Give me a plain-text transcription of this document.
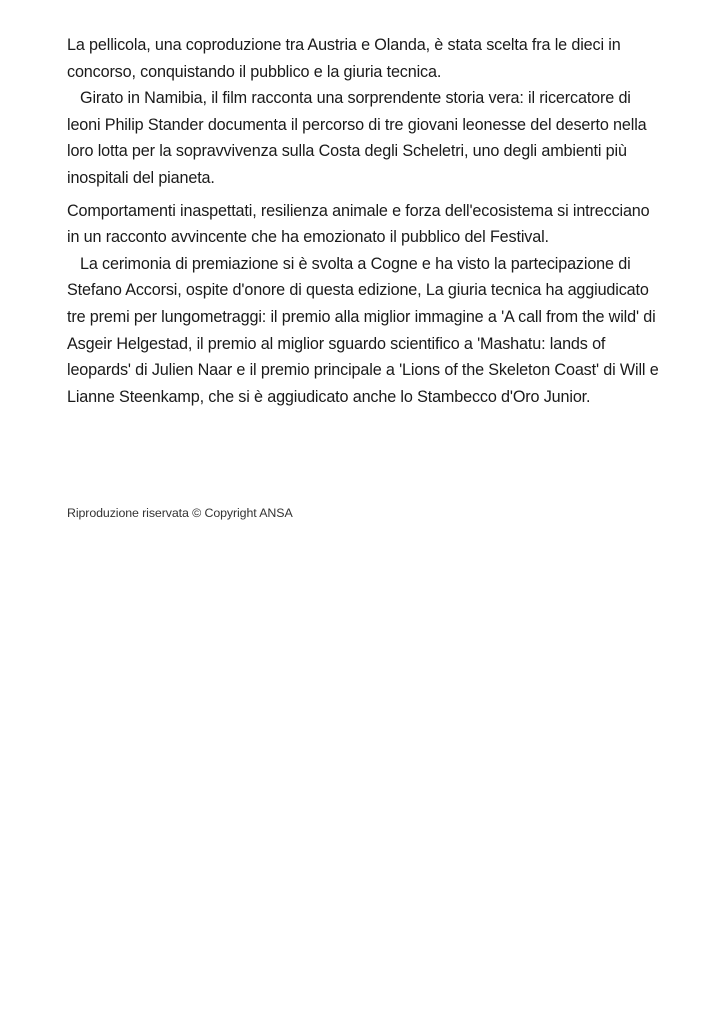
La pellicola, una coproduzione tra Austria e Olanda, è stata scelta fra le dieci in concorso, conquistando il pubblico e la giuria tecnica.

Girato in Namibia, il film racconta una sorprendente storia vera: il ricercatore di leoni Philip Stander documenta il percorso di tre giovani leonesse del deserto nella loro lotta per la sopravvivenza sulla Costa degli Scheletri, uno degli ambienti più inospitali del pianeta.

Comportamenti inaspettati, resilienza animale e forza dell'ecosistema si intrecciano in un racconto avvincente che ha emozionato il pubblico del Festival.

La cerimonia di premiazione si è svolta a Cogne e ha visto la partecipazione di Stefano Accorsi, ospite d'onore di questa edizione, La giuria tecnica ha aggiudicato tre premi per lungometraggi: il premio alla miglior immagine a 'A call from the wild' di Asgeir Helgestad, il premio al miglior sguardo scientifico a 'Mashatu: lands of leopards' di Julien Naar e il premio principale a 'Lions of the Skeleton Coast' di Will e Lianne Steenkamp, che si è aggiudicato anche lo Stambecco d'Oro Junior.

Riproduzione riservata © Copyright ANSA
